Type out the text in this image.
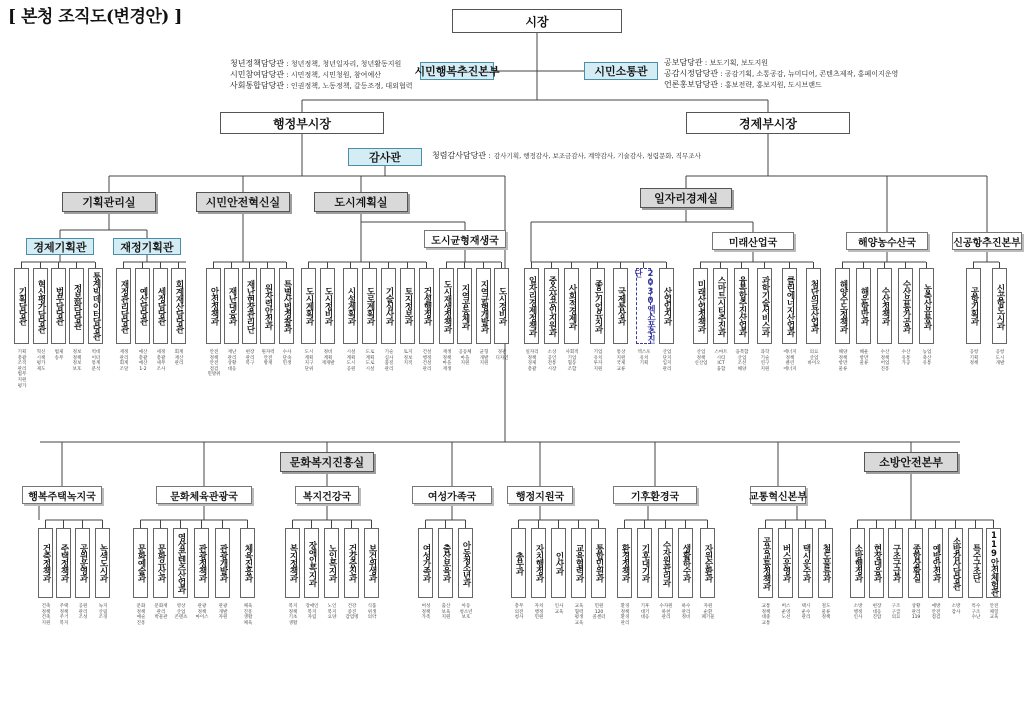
[ 본청 조직도(변경안) ]	시장
시민행복추진본부	시민소통관
청년정책담당관 : 청년정책, 청년일자리, 청년활동지원
시민참여담당관 : 시민정책, 시민청원, 참여예산
사회통합담당관 : 인권정책, 노동정책, 갈등조정, 대외협력
공보담당관 : 보도기획, 보도지원
공감시정담당관 : 공감기획, 소통공감, 뉴미디어, 콘텐츠제작, 홍페이지운영
언론홍보담당관 : 홍보전략, 홍보지원, 도시브랜드
행정부시장	경제부시장
감사관	청렴감사담당관 : 감사기획, 행정감사, 보조금감사, 계약감사, 기술감사, 청렴문화, 직무조사
기획관리실	시민안전혁신실	도시계획실
경제기획관	재정기획관	도시균형재생국
일자리경제실
미래산업국	해양농수산국	신공항추진본부
기획담당관
기획
총괄
조직
관리
법무
지원
평가
혁신평가담당관
혁신
시책
평가
제도
법무담당관
법제
송무
정보화담당관
정보
정책
정보
보호
통계빅데이터담당관
빅데
이터
통계
분석
재정관리담당관
재정
관리
회계
조달
예산담당관
예산
총괄
예산
1·2
세정담당관
세정
총괄
세무
조사
회계재산담당관
회계
재산
관리
안전정책과
안전
정책
안전
점검
민방위
재난대응과
재난
관리
상황
대응
재난현장관리단
현장
관리
복구
원자력안전과
원자력
안전
방재
특별사법경찰과
수사
단속
민생
도시계획과
도시
계획
지구
단위
도시정비과
정비
계획
재개발
시설계획과
시설
계획
도시
공원
도로계획과
도로
계획
도로
시설
기술심사과
기술
심사
품질
관리
토지정보과
토지
정보
지적
건설행정과
건설
행정
건설
관리
도시재생정책과
재생
정책
마을
재생
지역공동체과
공동체
마을
지원
지역균형개발과
균형
개발
지원
도시경비과
경관
디자인
일자리경제정책과
일자리
정책
경제
총괄
중소상공인지원과
소상
공인
전통
시장
사회적경제과
사회적
기업
협동
조합
좋은기업유치과
기업
유치
투자
지원
국제통상과
통상
지원
국제
교류
2030엑스포추진단
엑스포
유치
기획
산업입지과
산업
단지
입지
관리
미래산업정책과
산업
정책
신산업
스마트시티추진과
스마트
시티
ICT
융합
융복합추진산업과
융복합
산업
조선
해양
과학기술서비스과
과학
기술
연구
지원
클린에너지산업과
에너지
정책
클린
에너지
첨단의료산업과
의료
산업
바이오
해양수도정책과
해양
정책
항만
물류
해운항만과
해운
항만
물류
수산정책과
수산
정책
어업
진흥
수산유통가공과
수산
유통
가공
농축산유통과
농업
축산
유통
공항기획과
공항
기획
정책
신공항도시과
공항
도시
개발
문화복지진흥실	소방안전본부
행복주택녹지국	문화체육관광국	복지건강국	여성가족국	행정지원국	기후환경국	교통혁신본부
건축정책과
건축
정책
건축
지원
주택정책과
주택
정책
주거
복지
공원운영과
공원
관리
조성
녹색도시과
녹지
산림
조경
문화예술과
문화
정책
예술
진흥
문화유산과
문화재
관리
박물관
영상콘텐츠산업과
영상
산업
콘텐츠
관광정책과
관광
정책
마이스
관광개발과
관광
개발
자원
체육진흥과
체육
진흥
생활
체육
복지정책과
복지
정책
기초
생활
장애인복지과
장애인
복지
자립
노인복지과
노인
복지
요양
건강증진과
건강
증진
감염병
보건위생과
식품
위생
의약
여성가족과
여성
정책
가족
출산보육과
출산
보육
지원
아동청소년과
아동
청소년
보호
총무과
총무
의전
청사
자치행정과
자치
행정
민원
인사과
인사
교육
교육협력과
교육
협력
평생
교육
통합민원과
민원
120
콜센터
환경정책과
환경
정책
환경
관리
기후대기과
기후
대기
대응
수자원관리과
수자원
하천
관리
생활하수과
하수
관리
정비
자원순환과
자원
순환
폐기물
공공교통정책과
교통
정책
대중
교통
버스운영과
버스
운영
노선
택시운수과
택시
운수
관리
철도물류과
철도
물류
정책
소방행정과
소방
행정
인사
현장대응과
현장
대응
진압
구조구급과
구조
구급
의료
종합상황실
상황
관리
119
예방안전과
예방
안전
점검
소방감사담당관
소방
감사
특수구조단
특수
구조
수난
119안전체험관
안전
체험
교육
